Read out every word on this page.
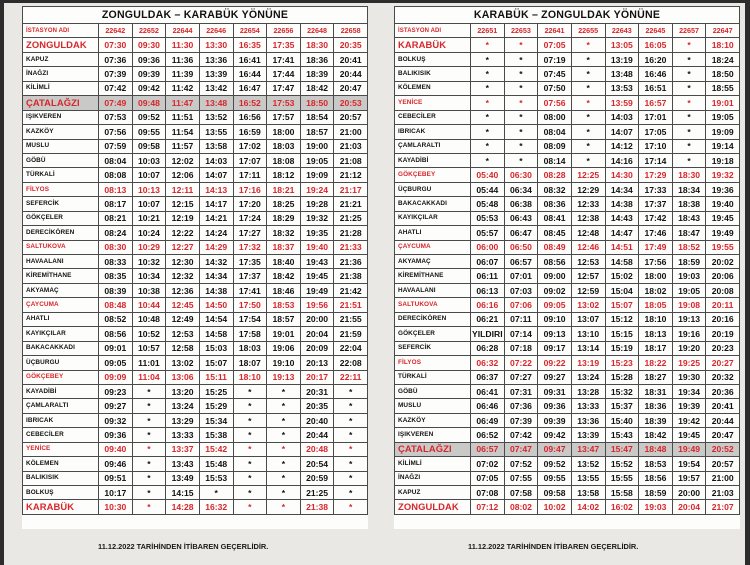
ZONGULDAK – KARABÜK YÖNÜNE								
İSTASYON ADI	22642	22652	22644	22646	22654	22656	22648	22658
ZONGULDAK	07:30	09:30	11:30	13:30	16:35	17:35	18:30	20:35
KAPUZ	07:36	09:36	11:36	13:36	16:41	17:41	18:36	20:41
İNAĞZI	07:39	09:39	11:39	13:39	16:44	17:44	18:39	20:44
KİLİMLİ	07:42	09:42	11:42	13:42	16:47	17:47	18:42	20:47
ÇATALAĞZI	07:49	09:48	11:47	13:48	16:52	17:53	18:50	20:53
IŞIKVEREN	07:53	09:52	11:51	13:52	16:56	17:57	18:54	20:57
KAZKÖY	07:56	09:55	11:54	13:55	16:59	18:00	18:57	21:00
MUSLU	07:59	09:58	11:57	13:58	17:02	18:03	19:00	21:03
GÖBÜ	08:04	10:03	12:02	14:03	17:07	18:08	19:05	21:08
TÜRKALİ	08:08	10:07	12:06	14:07	17:11	18:12	19:09	21:12
FİLYOS	08:13	10:13	12:11	14:13	17:16	18:21	19:24	21:17
SEFERCİK	08:17	10:07	12:15	14:17	17:20	18:25	19:28	21:21
GÖKÇELER	08:21	10:21	12:19	14:21	17:24	18:29	19:32	21:25
DERECİKÖREN	08:24	10:24	12:22	14:24	17:27	18:32	19:35	21:28
SALTUKOVA	08:30	10:29	12:27	14:29	17:32	18:37	19:40	21:33
HAVAALANI	08:33	10:32	12:30	14:32	17:35	18:40	19:43	21:36
KİREMİTHANE	08:35	10:34	12:32	14:34	17:37	18:42	19:45	21:38
AKYAMAÇ	08:39	10:38	12:36	14:38	17:41	18:46	19:49	21:42
ÇAYCUMA	08:48	10:44	12:45	14:50	17:50	18:53	19:56	21:51
AHATLI	08:52	10:48	12:49	14:54	17:54	18:57	20:00	21:55
KAYIKÇILAR	08:56	10:52	12:53	14:58	17:58	19:01	20:04	21:59
BAKACAKKADI	09:01	10:57	12:58	15:03	18:03	19:06	20:09	22:04
ÜÇBURGU	09:05	11:01	13:02	15:07	18:07	19:10	20:13	22:08
GÖKÇEBEY	09:09	11:04	13:06	15:11	18:10	19:13	20:17	22:11
KAYADİBİ	09:23	*	13:20	15:25	*	*	20:31	*
ÇAMLARALTI	09:27	*	13:24	15:29	*	*	20:35	*
IBRICAK	09:32	*	13:29	15:34	*	*	20:40	*
CEBECİLER	09:36	*	13:33	15:38	*	*	20:44	*
YENİCE	09:40	*	13:37	15:42	*	*	20:48	*
KÖLEMEN	09:46	*	13:43	15:48	*	*	20:54	*
BALIKISIK	09:51	*	13:49	15:53	*	*	20:59	*
BOLKUŞ	10:17	*	14:15	*	*	*	21:25	*
KARABÜK	10:30	*	14:28	16:32	*	*	21:38	*
KARABÜK – ZONGULDAK YÖNÜNE								
İSTASYON ADI	22651	22653	22641	22655	22643	22645	22657	22647
KARABÜK	*	*	07:05	*	13:05	16:05	*	18:10
BOLKUŞ	*	*	07:19	*	13:19	16:20	*	18:24
BALIKISIK	*	*	07:45	*	13:48	16:46	*	18:50
KÖLEMEN	*	*	07:50	*	13:53	16:51	*	18:55
YENİCE	*	*	07:56	*	13:59	16:57	*	19:01
CEBECİLER	*	*	08:00	*	14:03	17:01	*	19:05
IBRICAK	*	*	08:04	*	14:07	17:05	*	19:09
ÇAMLARALTI	*	*	08:09	*	14:12	17:10	*	19:14
KAYADİBİ	*	*	08:14	*	14:16	17:14	*	19:18
GÖKÇEBEY	05:40	06:30	08:28	12:25	14:30	17:29	18:30	19:32
ÜÇBURGU	05:44	06:34	08:32	12:29	14:34	17:33	18:34	19:36
BAKACAKKADI	05:48	06:38	08:36	12:33	14:38	17:37	18:38	19:40
KAYIKÇILAR	05:53	06:43	08:41	12:38	14:43	17:42	18:43	19:45
AHATLI	05:57	06:47	08:45	12:48	14:47	17:46	18:47	19:49
ÇAYCUMA	06:00	06:50	08:49	12:46	14:51	17:49	18:52	19:55
AKYAMAÇ	06:07	06:57	08:56	12:53	14:58	17:56	18:59	20:02
KİREMİTHANE	06:11	07:01	09:00	12:57	15:02	18:00	19:03	20:06
HAVAALANI	06:13	07:03	09:02	12:59	15:04	18:02	19:05	20:08
SALTUKOVA	06:16	07:06	09:05	13:02	15:07	18:05	19:08	20:11
DERECİKÖREN	06:21	07:11	09:10	13:07	15:12	18:10	19:13	20:16
GÖKÇELER	YILDIRI	07:14	09:13	13:10	15:15	18:13	19:16	20:19
SEFERCİK	06:28	07:18	09:17	13:14	15:19	18:17	19:20	20:23
FİLYOS	06:32	07:22	09:22	13:19	15:23	18:22	19:25	20:27
TÜRKALİ	06:37	07:27	09:27	13:24	15:28	18:27	19:30	20:32
GÖBÜ	06:41	07:31	09:31	13:28	15:32	18:31	19:34	20:36
MUSLU	06:46	07:36	09:36	13:33	15:37	18:36	19:39	20:41
KAZKÖY	06:49	07:39	09:39	13:36	15:40	18:39	19:42	20:44
IŞIKVEREN	06:52	07:42	09:42	13:39	15:43	18:42	19:45	20:47
ÇATALAĞZI	06:57	07:47	09:47	13:47	15:47	18:48	19:49	20:52
KİLİMLİ	07:02	07:52	09:52	13:52	15:52	18:53	19:54	20:57
İNAĞZI	07:05	07:55	09:55	13:55	15:55	18:56	19:57	21:00
KAPUZ	07:08	07:58	09:58	13:58	15:58	18:59	20:00	21:03
ZONGULDAK	07:12	08:02	10:02	14:02	16:02	19:03	20:04	21:07
11.12.2022 TARİHİNDEN İTİBAREN GEÇERLİDİR.	11.12.2022 TARİHİNDEN İTİBAREN GEÇERLİDİR.
